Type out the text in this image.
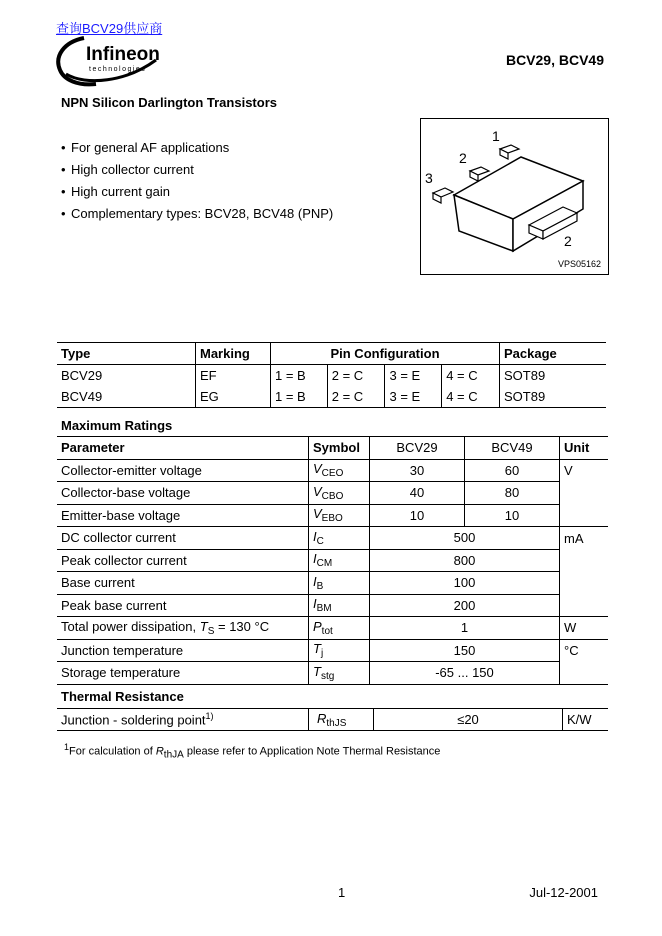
查询BCV29供应商
Infineon
technologies
BCV29, BCV49
NPN Silicon Darlington Transistors
• For general AF applications
• High collector current
• High current gain
• Complementary types: BCV28, BCV48 (PNP)
1
2
3
2
VPS05162
Type	Marking	Pin Configuration				Package
BCV29	EF	1 = B	2 = C	3 = E	4 = C	SOT89
BCV49	EG	1 = B	2 = C	3 = E	4 = C	SOT89
Maximum Ratings
Parameter	Symbol	BCV29	BCV49	Unit
Collector-emitter voltage	$V_{CEO}$	30	60	V
Collector-base voltage	$V_{CBO}$	40	80	
Emitter-base voltage	$V_{EBO}$	10	10	
DC collector current	$I_C$	500		mA
Peak collector current	$I_{CM}$	800		
Base current	$I_B$	100		
Peak base current	$I_{BM}$	200		
Total power dissipation, $T_S = 130$ °C	$P_{tot}$	1		W
Junction temperature	$T_j$	150		°C
Storage temperature	$T_{stg}$	-65 ... 150		
Thermal Resistance
Junction - soldering point$^{1)}$	$R_{thJS}$	≤20	K/W
$^1$For calculation of $R_{thJA}$ please refer to Application Note Thermal Resistance
1	Jul-12-2001
